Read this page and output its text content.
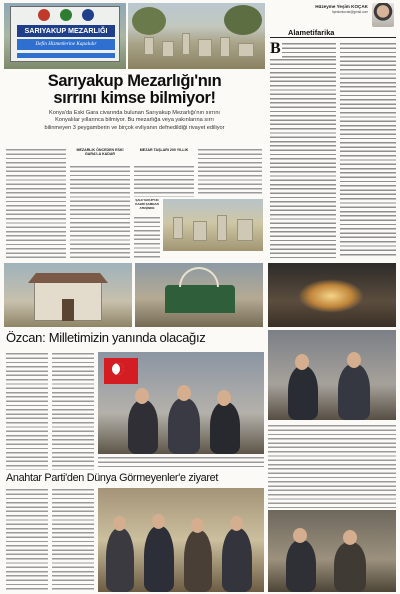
SARIYAKUP MEZARLIĞI
Defin Hizmetlerine Kapalıdır
Sarıyakup Mezarlığı'nın
sırrını kimse bilmiyor!
Konya'da Eski Gara civarında bulunan Sarıyakup Mezarlığı'nın sırrını
Konyalılar yıllarınca bilmiyor. Bu mezarlığa veya yakınlarına sırrı
bilinmeyen 3 peygamberin ve birçok evliyanın defnedildiği rivayet ediliyor
Hüzeyme Yeşim KOÇAK
hyesimkocak@gmail.com
Alametifarika
B
MEZARLIK ÖNCEDEN ESKİ GARA'LA KADAR
MEZAR TAŞLARI 200 YILLIK
ŞAHI YAKUP'UN KABRİ ŞAMDAN ATEŞİNDE
Özcan: Milletimizin yanında olacağız
Anahtar Parti'den Dünya Görmeyenler'e ziyaret
